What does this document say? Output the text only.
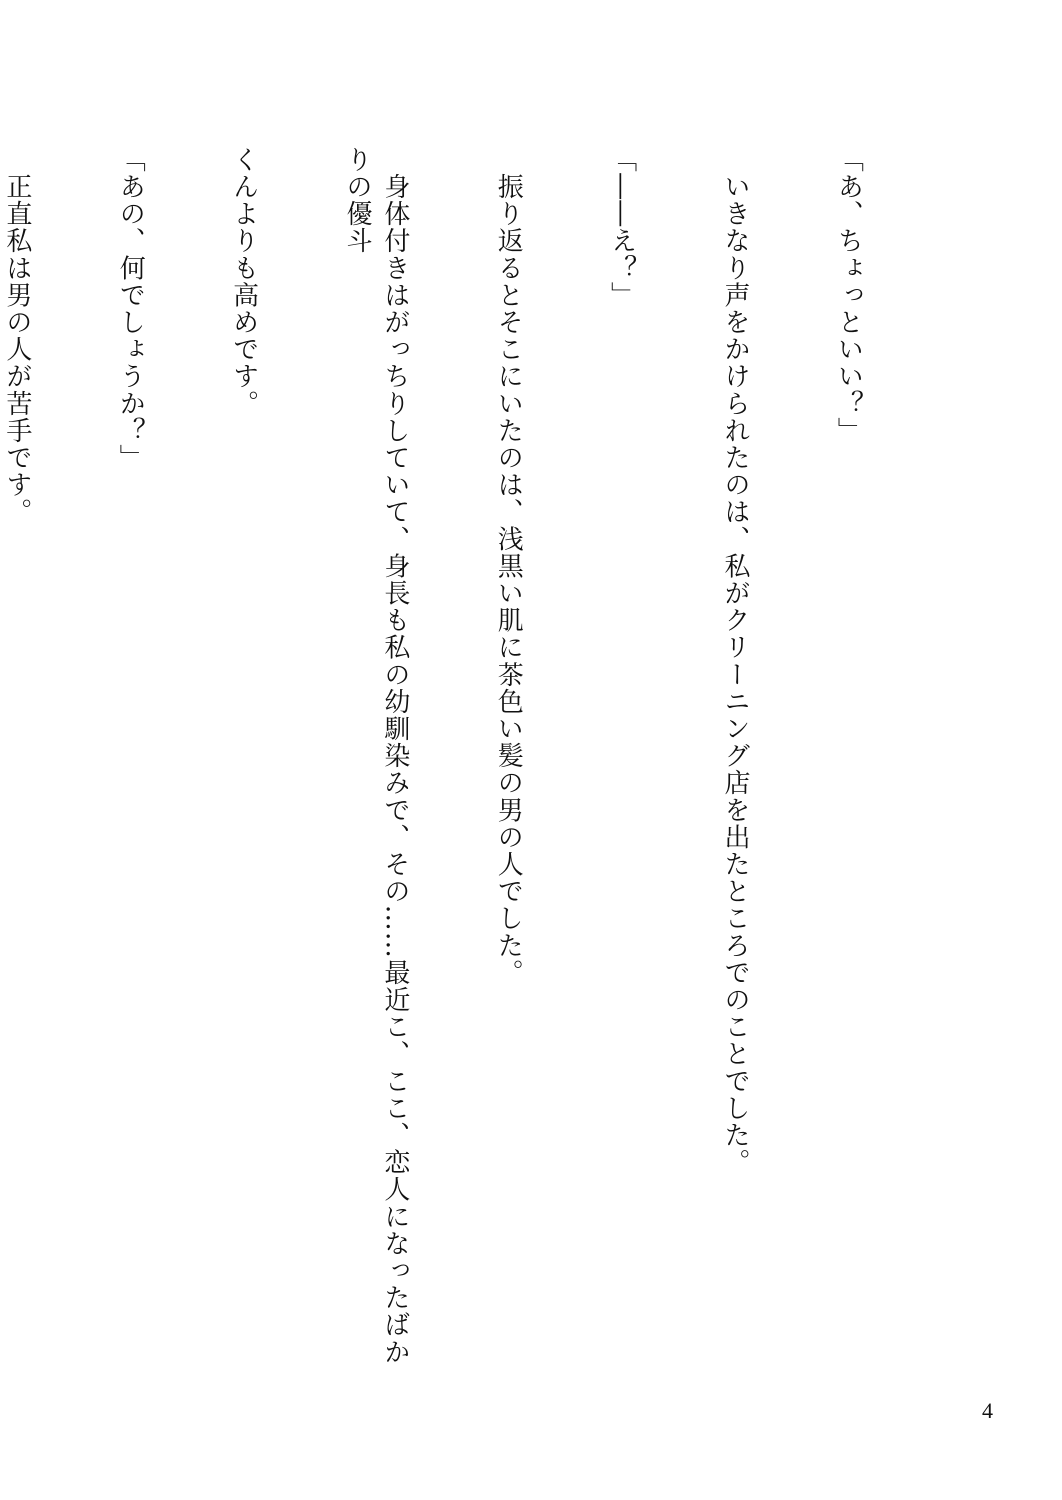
「あ、ちょっといい？」

　いきなり声をかけられたのは、私がクリーニング店を出たところでのことでした。

「――え？」

　振り返るとそこにいたのは、浅黒い肌に茶色い髪の男の人でした。

　身体付きはがっちりしていて、身長も私の幼馴染みで、その……最近こ、ここ、恋人になったばかりの優斗

くんよりも高めです。

「あの、何でしょうか？」

　正直私は男の人が苦手です。

4
